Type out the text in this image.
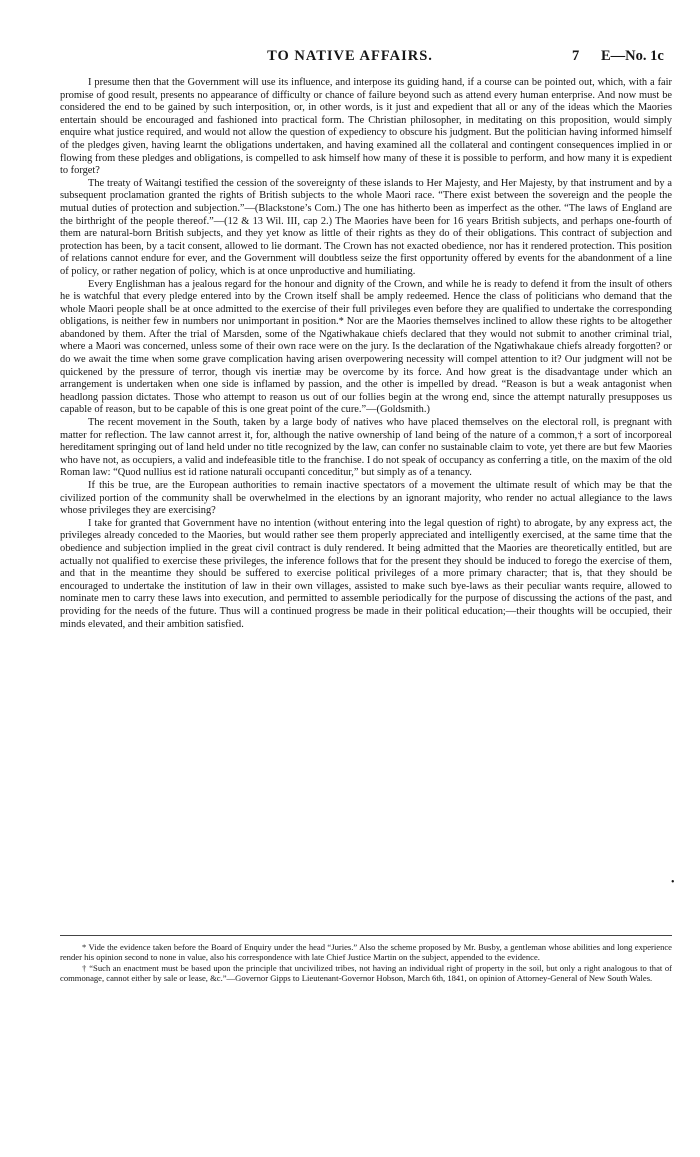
TO NATIVE AFFAIRS.	7 E—No. 1c

I presume then that the Government will use its influence, and interpose its guiding hand, if a course can be pointed out, which, with a fair promise of good result, presents no appearance of difficulty or chance of failure beyond such as attend every human enterprise. And now must be considered the end to be gained by such interposition, or, in other words, is it just and expedient that all or any of the ideas which the Maories entertain should be encouraged and fashioned into practical form. The Christian philosopher, in meditating on this proposition, would simply enquire what justice required, and would not allow the question of expediency to obscure his judgment. But the politician having informed himself of the pledges given, having learnt the obligations undertaken, and having examined all the collateral and contingent consequences implied in or flowing from these pledges and obligations, is compelled to ask himself how many of these it is possible to perform, and how many it is expedient to forget?

The treaty of Waitangi testified the cession of the sovereignty of these islands to Her Majesty, and Her Majesty, by that instrument and by a subsequent proclamation granted the rights of British subjects to the whole Maori race. “There exist between the sovereign and the people the mutual duties of protection and subjection.”—(Blackstone’s Com.) The one has hitherto been as imperfect as the other. “The laws of England are the birthright of the people thereof.”—(12 & 13 Wil. III, cap 2.) The Maories have been for 16 years British subjects, and perhaps one-fourth of them are natural-born British subjects, and they yet know as little of their rights as they do of their obligations. This contract of subjection and protection has been, by a tacit consent, allowed to lie dormant. The Crown has not exacted obedience, nor has it rendered protection. This position of relations cannot endure for ever, and the Government will doubtless seize the first opportunity offered by events for the abandonment of a line of policy, or rather negation of policy, which is at once unproductive and humiliating.

Every Englishman has a jealous regard for the honour and dignity of the Crown, and while he is ready to defend it from the insult of others he is watchful that every pledge entered into by the Crown itself shall be amply redeemed. Hence the class of politicians who demand that the whole Maori people shall be at once admitted to the exercise of their full privileges even before they are qualified to undertake the corresponding obligations, is neither few in numbers nor unimportant in position.* Nor are the Maories themselves inclined to allow these rights to be altogether abandoned by them. After the trial of Marsden, some of the Ngatiwhakaue chiefs declared that they would not submit to another criminal trial, where a Maori was concerned, unless some of their own race were on the jury. Is the declaration of the Ngatiwhakaue chiefs already forgotten? or do we await the time when some grave complication having arisen overpowering necessity will compel attention to it? Our judgment will not be quickened by the pressure of terror, though vis inertiæ may be overcome by its force. And how great is the disadvantage under which an arrangement is undertaken when one side is inflamed by passion, and the other is impelled by dread. “Reason is but a weak antagonist when headlong passion dictates. Those who attempt to reason us out of our follies begin at the wrong end, since the attempt naturally presupposes us capable of reason, but to be capable of this is one great point of the cure.”—(Goldsmith.)

The recent movement in the South, taken by a large body of natives who have placed themselves on the electoral roll, is pregnant with matter for reflection. The law cannot arrest it, for, although the native ownership of land being of the nature of a common,† a sort of incorporeal hereditament springing out of land held under no title recognized by the law, can confer no sustainable claim to vote, yet there are but few Maories who have not, as occupiers, a valid and indefeasible title to the franchise. I do not speak of occupancy as conferring a title, on the maxim of the old Roman law: “Quod nullius est id ratione naturali occupanti conceditur,” but simply as of a tenancy.

If this be true, are the European authorities to remain inactive spectators of a movement the ultimate result of which may be that the civilized portion of the community shall be overwhelmed in the elections by an ignorant majority, who render no actual allegiance to the laws whose privileges they are exercising?

I take for granted that Government have no intention (without entering into the legal question of right) to abrogate, by any express act, the privileges already conceded to the Maories, but would rather see them properly appreciated and intelligently exercised, at the same time that the obedience and subjection implied in the great civil contract is duly rendered. It being admitted that the Maories are theoretically entitled, but are actually not qualified to exercise these privileges, the inference follows that for the present they should be induced to forego the exercise of them, and that in the meantime they should be suffered to exercise political privileges of a more primary character; that is, that they should be encouraged to undertake the institution of law in their own villages, assisted to make such bye-laws as their peculiar wants require, allowed to nominate men to carry these laws into execution, and permitted to assemble periodically for the purpose of discussing the actions of the past, and providing for the needs of the future. Thus will a continued progress be made in their political education;—their thoughts will be occupied, their minds elevated, and their ambition satisfied.

•

* Vide the evidence taken before the Board of Enquiry under the head “Juries.” Also the scheme proposed by Mr. Busby, a gentleman whose abilities and long experience render his opinion second to none in value, also his correspondence with late Chief Justice Martin on the subject, appended to the evidence.

† “Such an enactment must be based upon the principle that uncivilized tribes, not having an individual right of property in the soil, but only a right analogous to that of commonage, cannot either by sale or lease, &c.”—Governor Gipps to Lieutenant-Governor Hobson, March 6th, 1841, on opinion of Attorney-General of New South Wales.
